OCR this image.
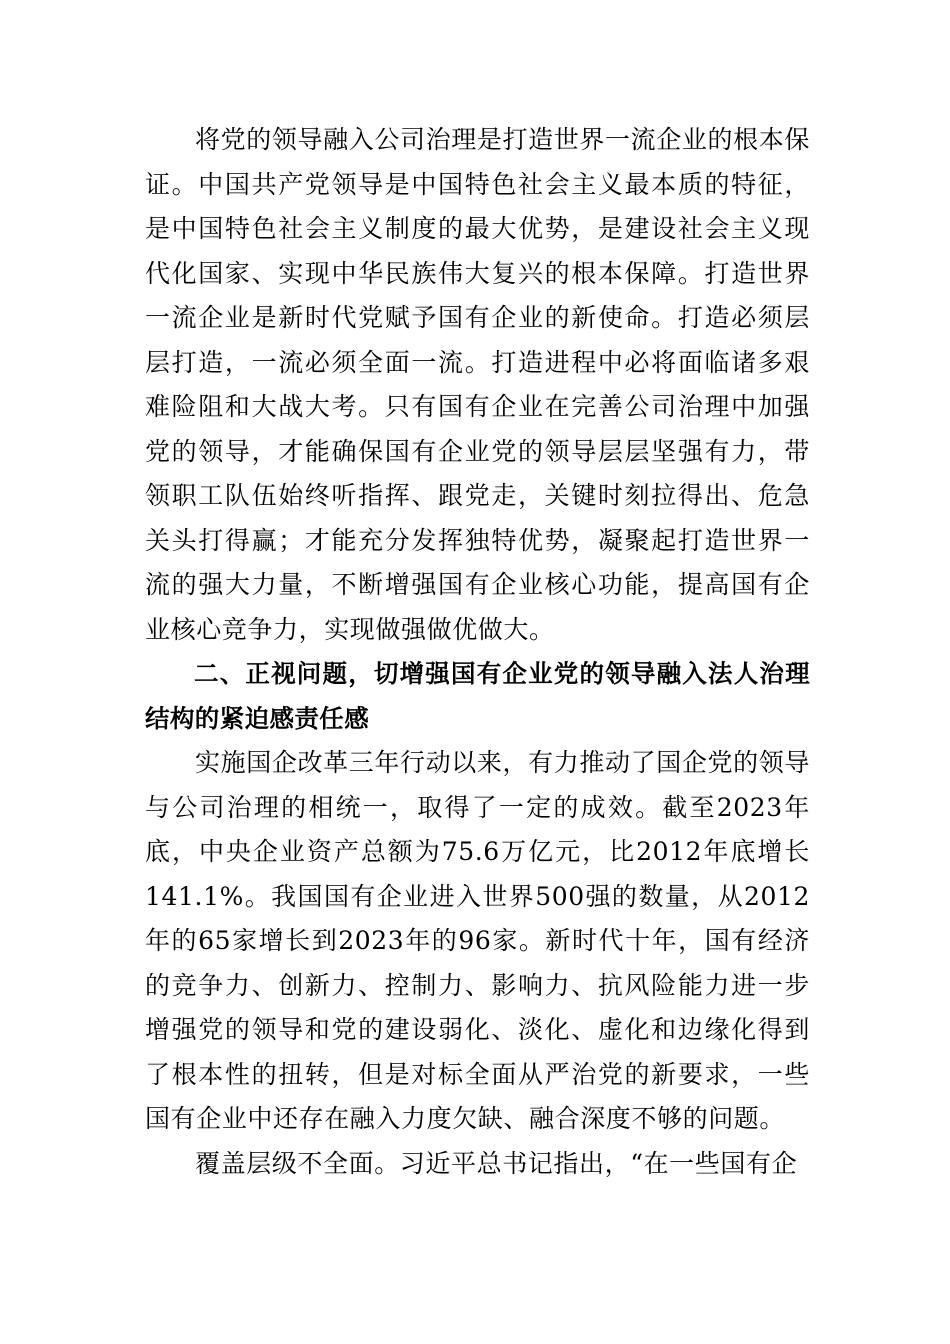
将党的领导融入公司治理是打造世界一流企业的根本保证。中国共产党领导是中国特色社会主义最本质的特征，是中国特色社会主义制度的最大优势，是建设社会主义现代化国家、实现中华民族伟大复兴的根本保障。打造世界一流企业是新时代党赋予国有企业的新使命。打造必须层层打造，一流必须全面一流。打造进程中必将面临诸多艰难险阻和大战大考。只有国有企业在完善公司治理中加强党的领导，才能确保国有企业党的领导层层坚强有力，带领职工队伍始终听指挥、跟党走，关键时刻拉得出、危急关头打得赢；才能充分发挥独特优势，凝聚起打造世界一流的强大力量，不断增强国有企业核心功能，提高国有企业核心竞争力，实现做强做优做大。

二、正视问题，切增强国有企业党的领导融入法人治理结构的紧迫感责任感

实施国企改革三年行动以来，有力推动了国企党的领导与公司治理的相统一，取得了一定的成效。截至2023年底，中央企业资产总额为75.6万亿元，比2012年底增长141.1%。我国国有企业进入世界500强的数量，从2012年的65家增长到2023年的96家。新时代十年，国有经济的竞争力、创新力、控制力、影响力、抗风险能力进一步增强党的领导和党的建设弱化、淡化、虚化和边缘化得到了根本性的扭转，但是对标全面从严治党的新要求，一些国有企业中还存在融入力度欠缺、融合深度不够的问题。

覆盖层级不全面。习近平总书记指出，“在一些国有企
